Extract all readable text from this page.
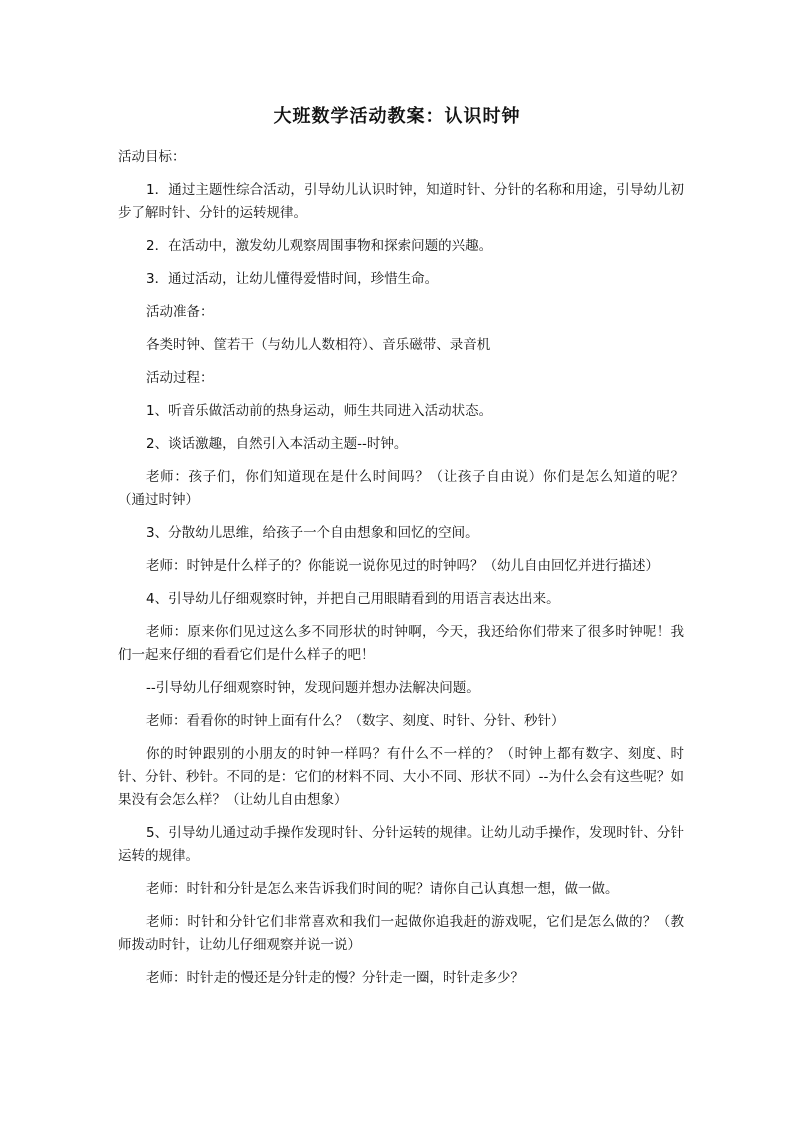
大班数学活动教案：认识时钟

活动目标：

1．通过主题性综合活动，引导幼儿认识时钟，知道时针、分针的名称和用途，引导幼儿初步了解时针、分针的运转规律。

2．在活动中，激发幼儿观察周围事物和探索问题的兴趣。

3．通过活动，让幼儿懂得爱惜时间，珍惜生命。

活动准备：

各类时钟、筐若干（与幼儿人数相符）、音乐磁带、录音机

活动过程：

1、听音乐做活动前的热身运动，师生共同进入活动状态。

2、谈话激趣，自然引入本活动主题--时钟。

老师：孩子们，你们知道现在是什么时间吗？（让孩子自由说）你们是怎么知道的呢？（通过时钟）

3、分散幼儿思维，给孩子一个自由想象和回忆的空间。

老师：时钟是什么样子的？你能说一说你见过的时钟吗？（幼儿自由回忆并进行描述）

4、引导幼儿仔细观察时钟，并把自己用眼睛看到的用语言表达出来。

老师：原来你们见过这么多不同形状的时钟啊，今天，我还给你们带来了很多时钟呢！我们一起来仔细的看看它们是什么样子的吧！

--引导幼儿仔细观察时钟，发现问题并想办法解决问题。

老师：看看你的时钟上面有什么？（数字、刻度、时针、分针、秒针）

你的时钟跟别的小朋友的时钟一样吗？有什么不一样的？（时钟上都有数字、刻度、时针、分针、秒针。不同的是：它们的材料不同、大小不同、形状不同）--为什么会有这些呢？如果没有会怎么样？（让幼儿自由想象）

5、引导幼儿通过动手操作发现时针、分针运转的规律。让幼儿动手操作，发现时针、分针运转的规律。

老师：时针和分针是怎么来告诉我们时间的呢？请你自己认真想一想，做一做。

老师：时针和分针它们非常喜欢和我们一起做你追我赶的游戏呢，它们是怎么做的？（教师拨动时针，让幼儿仔细观察并说一说）

老师：时针走的慢还是分针走的慢？分针走一圈，时针走多少？
